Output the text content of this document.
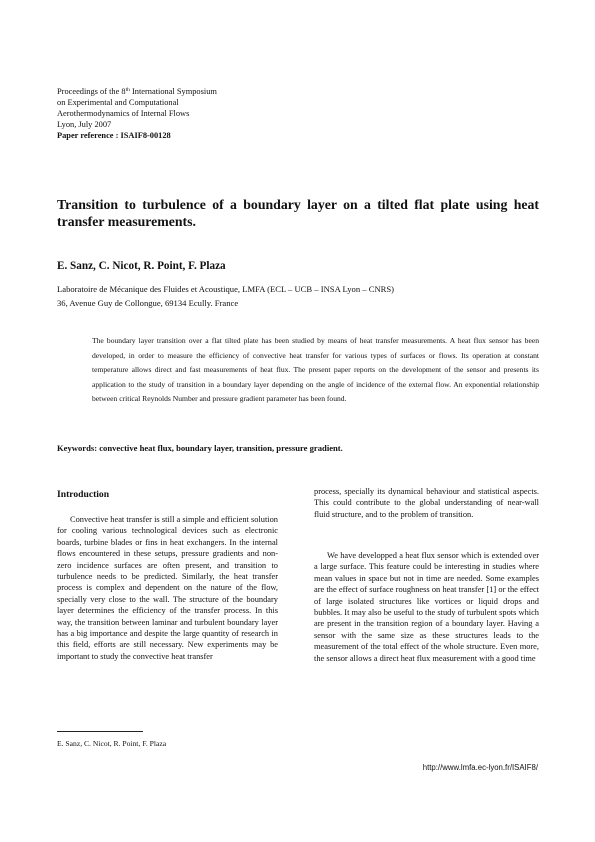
Proceedings of the 8th International Symposium
on Experimental and Computational
Aerothermodynamics of Internal Flows
Lyon, July 2007
Paper reference : ISAIF8-00128
Transition to turbulence of a boundary layer on a tilted flat plate using heat transfer measurements.

E. Sanz, C. Nicot, R. Point, F. Plaza

Laboratoire de Mécanique des Fluides et Acoustique, LMFA (ECL – UCB – INSA Lyon – CNRS)
36, Avenue Guy de Collongue, 69134 Ecully. France

The boundary layer transition over a flat tilted plate has been studied by means of heat transfer measurements. A heat flux sensor has been developed, in order to measure the efficiency of convective heat transfer for various types of surfaces or flows. Its operation at constant temperature allows direct and fast measurements of heat flux. The present paper reports on the development of the sensor and presents its application to the study of transition in a boundary layer depending on the angle of incidence of the external flow. An exponential relationship between critical Reynolds Number and pressure gradient parameter has been found.

Keywords: convective heat flux, boundary layer, transition, pressure gradient.

Introduction

Convective heat transfer is still a simple and efficient solution for cooling various technological devices such as electronic boards, turbine blades or fins in heat exchangers. In the internal flows encountered in these setups, pressure gradients and non-zero incidence surfaces are often present, and transition to turbulence needs to be predicted. Similarly, the heat transfer process is complex and dependent on the nature of the flow, specially very close to the wall. The structure of the boundary layer determines the efficiency of the transfer process. In this way, the transition between laminar and turbulent boundary layer has a big importance and despite the large quantity of research in this field, efforts are still necessary. New experiments may be important to study the convective heat transfer

process, specially its dynamical behaviour and statistical aspects. This could contribute to the global understanding of near-wall fluid structure, and to the problem of transition.

We have developped a heat flux sensor which is extended over a large surface. This feature could be interesting in studies where mean values in space but not in time are needed. Some examples are the effect of surface roughness on heat transfer [1] or the effect of large isolated structures like vortices or liquid drops and bubbles. It may also be useful to the study of turbulent spots which are present in the transition region of a boundary layer. Having a sensor with the same size as these structures leads to the measurement of the total effect of the whole structure. Even more, the sensor allows a direct heat flux measurement with a good time

E. Sanz, C. Nicot, R. Point, F. Plaza

http://www.lmfa.ec-lyon.fr/ISAIF8/
